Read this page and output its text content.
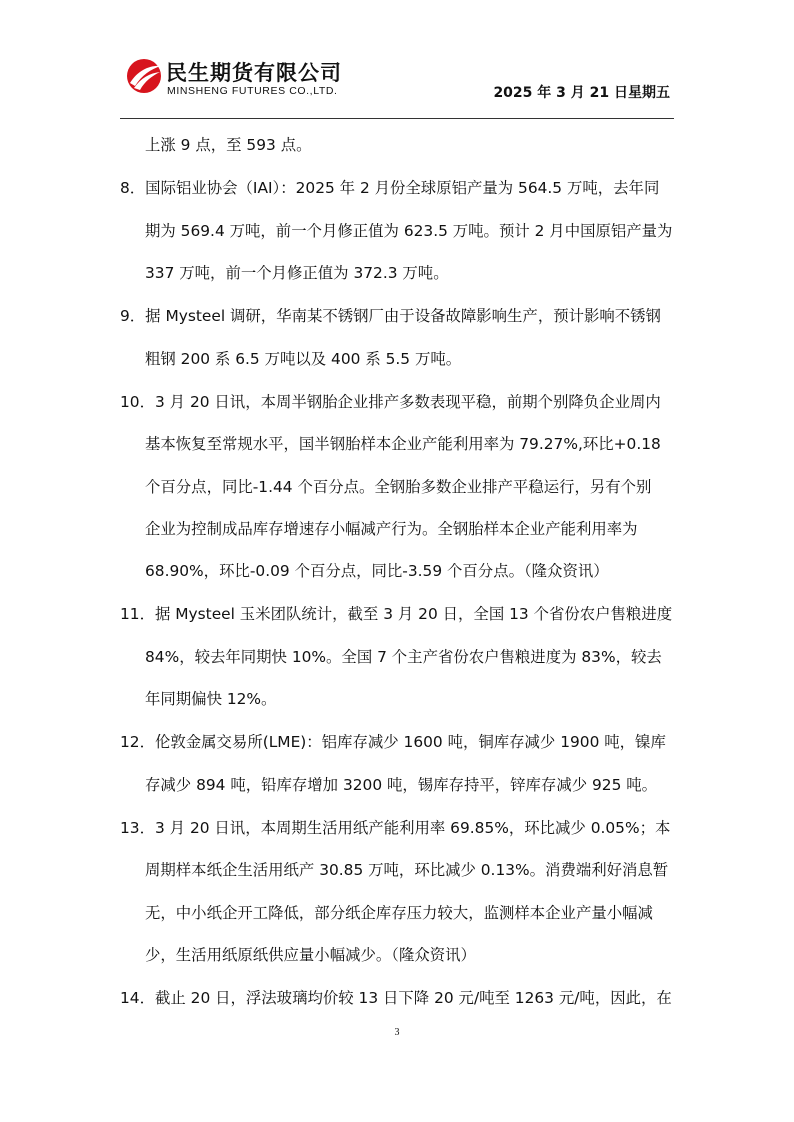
民生期货有限公司
MINSHENG FUTURES CO.,LTD.	2025 年 3 月 21 日星期五
上涨 9 点，至 593 点。
8．国际铝业协会（IAI）：2025 年 2 月份全球原铝产量为 564.5 万吨，去年同
期为 569.4 万吨，前一个月修正值为 623.5 万吨。预计 2 月中国原铝产量为
337 万吨，前一个月修正值为 372.3 万吨。
9．据 Mysteel 调研，华南某不锈钢厂由于设备故障影响生产，预计影响不锈钢
粗钢 200 系 6.5 万吨以及 400 系 5.5 万吨。
10．3 月 20 日讯，本周半钢胎企业排产多数表现平稳，前期个别降负企业周内
基本恢复至常规水平，国半钢胎样本企业产能利用率为 79.27%,环比+0.18
个百分点，同比-1.44 个百分点。全钢胎多数企业排产平稳运行，另有个别
企业为控制成品库存增速存小幅减产行为。全钢胎样本企业产能利用率为
68.90%，环比-0.09 个百分点，同比-3.59 个百分点。（隆众资讯）
11．据 Mysteel 玉米团队统计，截至 3 月 20 日，全国 13 个省份农户售粮进度
84%，较去年同期快 10%。全国 7 个主产省份农户售粮进度为 83%，较去
年同期偏快 12%。
12．伦敦金属交易所(LME)：铝库存减少 1600 吨，铜库存减少 1900 吨，镍库
存减少 894 吨，铅库存增加 3200 吨，锡库存持平，锌库存减少 925 吨。
13．3 月 20 日讯，本周期生活用纸产能利用率 69.85%，环比减少 0.05%；本
周期样本纸企生活用纸产 30.85 万吨，环比减少 0.13%。消费端利好消息暂
无，中小纸企开工降低，部分纸企库存压力较大，监测样本企业产量小幅减
少，生活用纸原纸供应量小幅减少。（隆众资讯）
14．截止 20 日，浮法玻璃均价较 13 日下降 20 元/吨至 1263 元/吨，因此，在
3
